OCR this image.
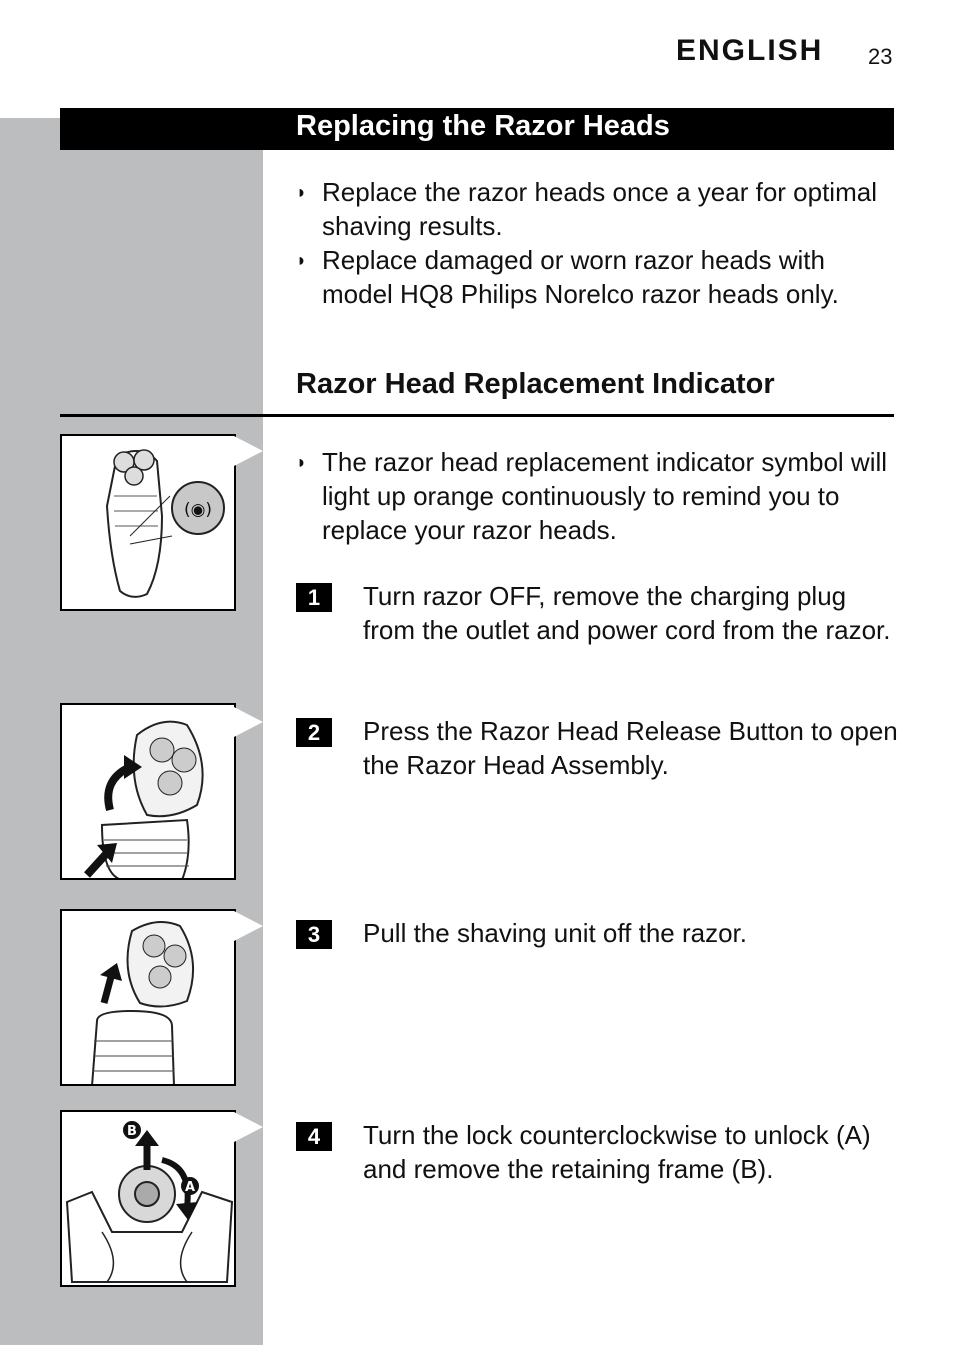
ENGLISH 23
Replacing the Razor Heads
◗ Replace the razor heads once a year for optimal shaving results.
◗ Replace damaged or worn razor heads with model HQ8 Philips Norelco razor heads only.
Razor Head Replacement Indicator
◗ The razor head replacement indicator symbol will light up orange continuously to remind you to replace your razor heads.
1	Turn razor OFF, remove the charging plug from the outlet and power cord from the razor.
2	Press the Razor Head Release Button to open the Razor Head Assembly.
3	Pull the shaving unit off the razor.
4	Turn the lock counterclockwise to unlock (A) and remove the retaining frame (B).
(◉)
B
A
